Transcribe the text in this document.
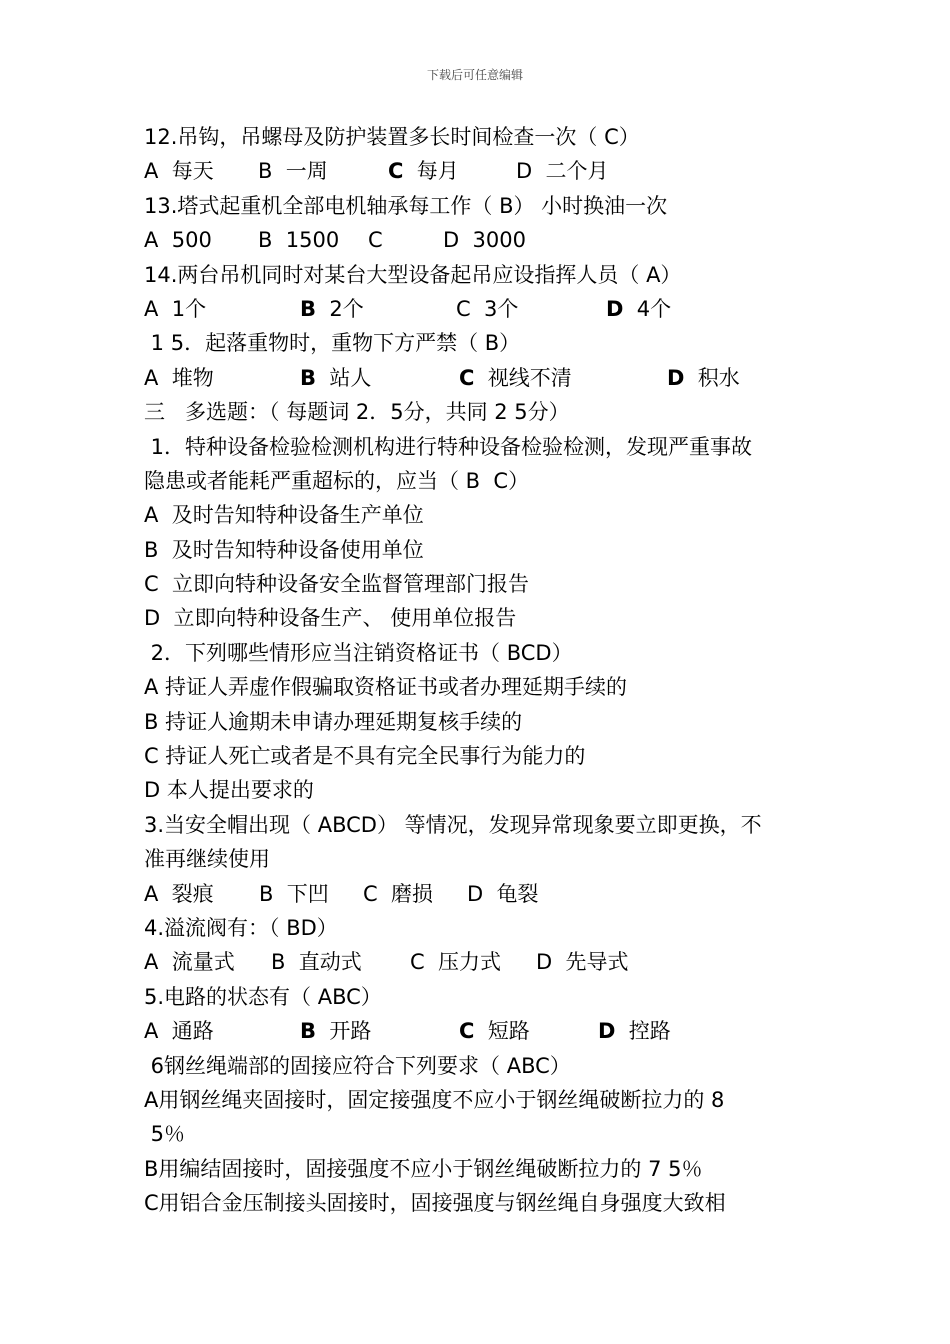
下载后可任意编辑
12.吊钩，吊螺母及防护装置多长时间检查一次（ C）
A  每天	B  一周	C  每月	D  二个月
13.塔式起重机全部电机轴承每工作（ B） 小时换油一次
A  500	B  1500	C	D  3000
14.两台吊机同时对某台大型设备起吊应设指挥人员（ A）
A  1个	B  2个	C  3个	D  4个
1 5．起落重物时，重物下方严禁（ B）
A  堆物	B  站人	C  视线不清	D  积水
三   多选题：（ 每题词 2．5分，共同 2 5分）
1．特种设备检验检测机构进行特种设备检验检测，发现严重事故
隐患或者能耗严重超标的，应当（ B  C）
A  及时告知特种设备生产单位
B  及时告知特种设备使用单位
C  立即向特种设备安全监督管理部门报告
D  立即向特种设备生产、 使用单位报告
2．下列哪些情形应当注销资格证书（ BCD）
A 持证人弄虚作假骗取资格证书或者办理延期手续的
B 持证人逾期未申请办理延期复核手续的
C 持证人死亡或者是不具有完全民事行为能力的
D 本人提出要求的
3.当安全帽出现（ ABCD） 等情况，发现异常现象要立即更换，不
准再继续使用
A  裂痕	B  下凹	C  磨损	D  龟裂
4.溢流阀有：（ BD）
A  流量式	B  直动式	C  压力式	D  先导式
5.电路的状态有（ ABC）
A  通路	B  开路	C  短路	D  控路
6钢丝绳端部的固接应符合下列要求（ ABC）
A用钢丝绳夹固接时，固定接强度不应小于钢丝绳破断拉力的 8
5％
B用编结固接时，固接强度不应小于钢丝绳破断拉力的 7 5％
C用铝合金压制接头固接时，固接强度与钢丝绳自身强度大致相
